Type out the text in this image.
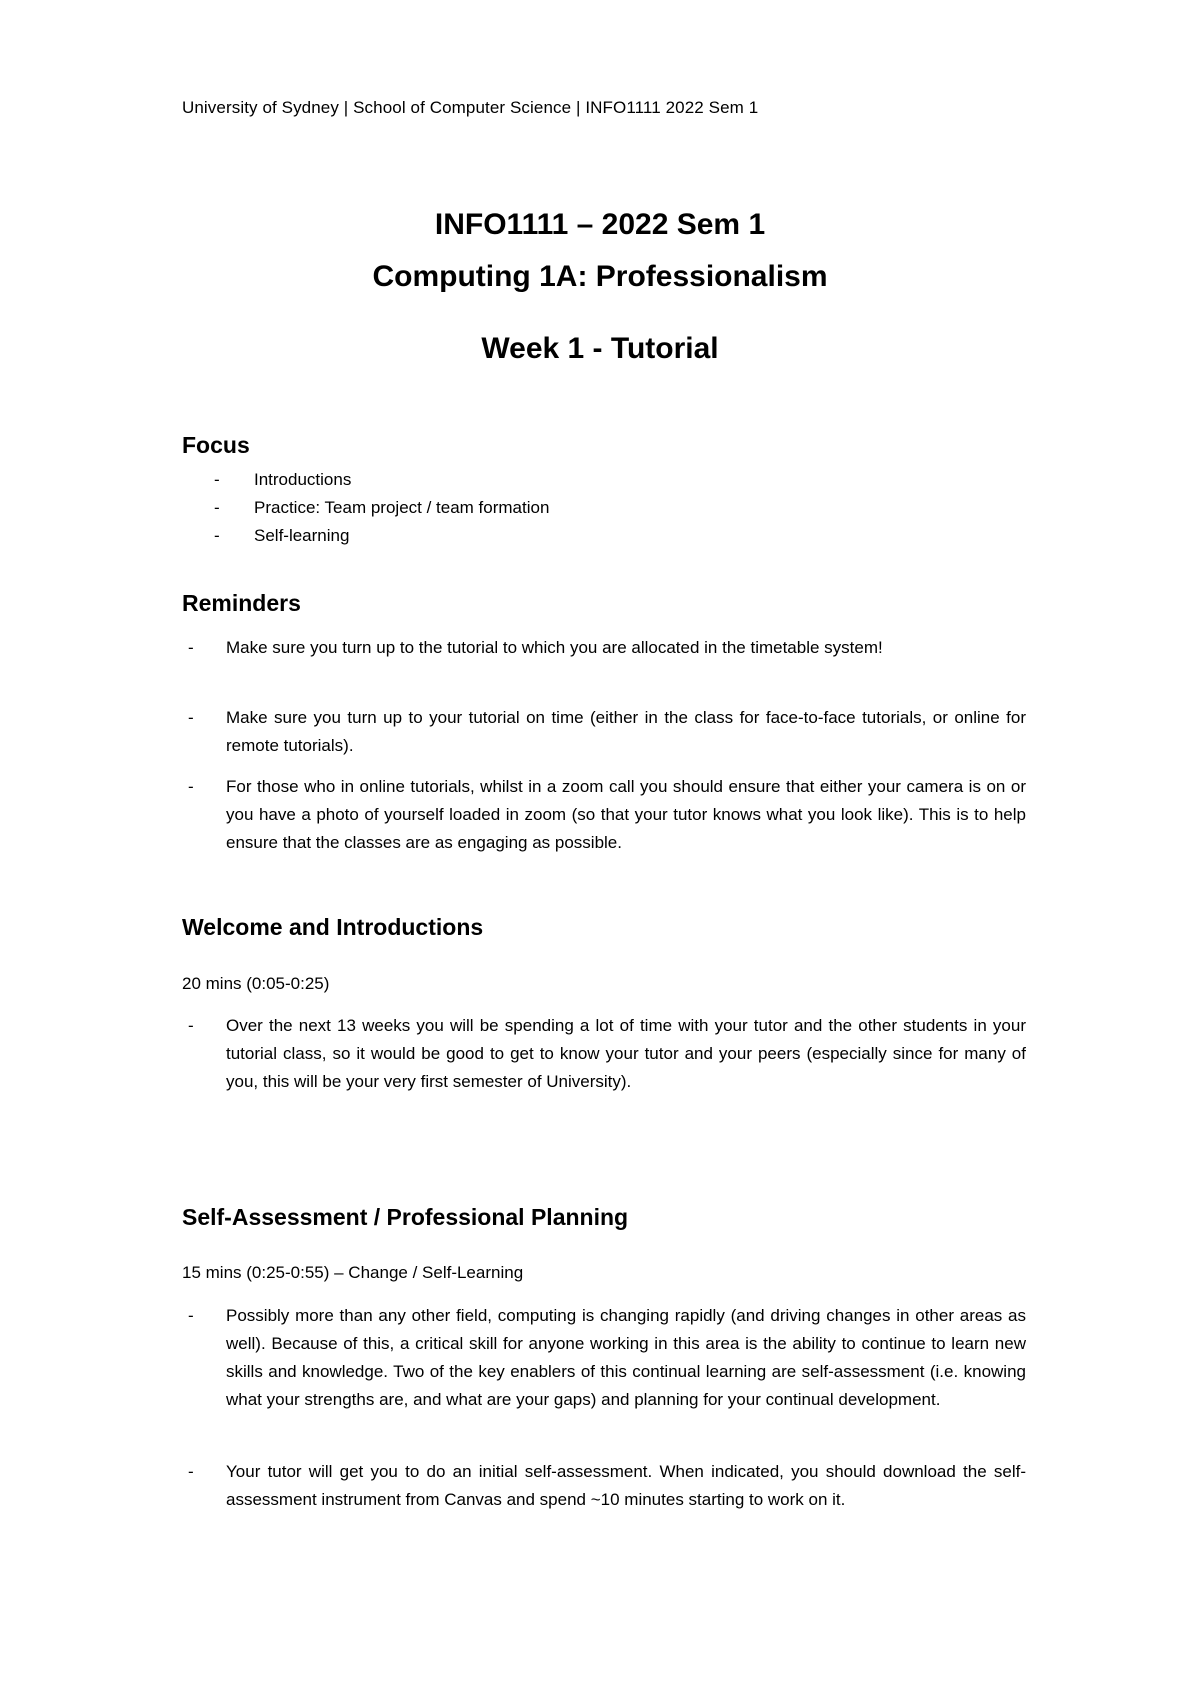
University of Sydney | School of Computer Science | INFO1111 2022 Sem 1
INFO1111 – 2022 Sem 1
Computing 1A: Professionalism
Week 1 - Tutorial
Focus
- Introductions
- Practice: Team project / team formation
- Self-learning
Reminders
- Make sure you turn up to the tutorial to which you are allocated in the timetable system!
- Make sure you turn up to your tutorial on time (either in the class for face-to-face tutorials, or online for remote tutorials).
- For those who in online tutorials, whilst in a zoom call you should ensure that either your camera is on or you have a photo of yourself loaded in zoom (so that your tutor knows what you look like). This is to help ensure that the classes are as engaging as possible.
Welcome and Introductions
20 mins (0:05-0:25)
- Over the next 13 weeks you will be spending a lot of time with your tutor and the other students in your tutorial class, so it would be good to get to know your tutor and your peers (especially since for many of you, this will be your very first semester of University).
Self-Assessment / Professional Planning
15 mins (0:25-0:55) – Change / Self-Learning
- Possibly more than any other field, computing is changing rapidly (and driving changes in other areas as well). Because of this, a critical skill for anyone working in this area is the ability to continue to learn new skills and knowledge. Two of the key enablers of this continual learning are self-assessment (i.e. knowing what your strengths are, and what are your gaps) and planning for your continual development.
- Your tutor will get you to do an initial self-assessment. When indicated, you should download the self-assessment instrument from Canvas and spend ~10 minutes starting to work on it.
